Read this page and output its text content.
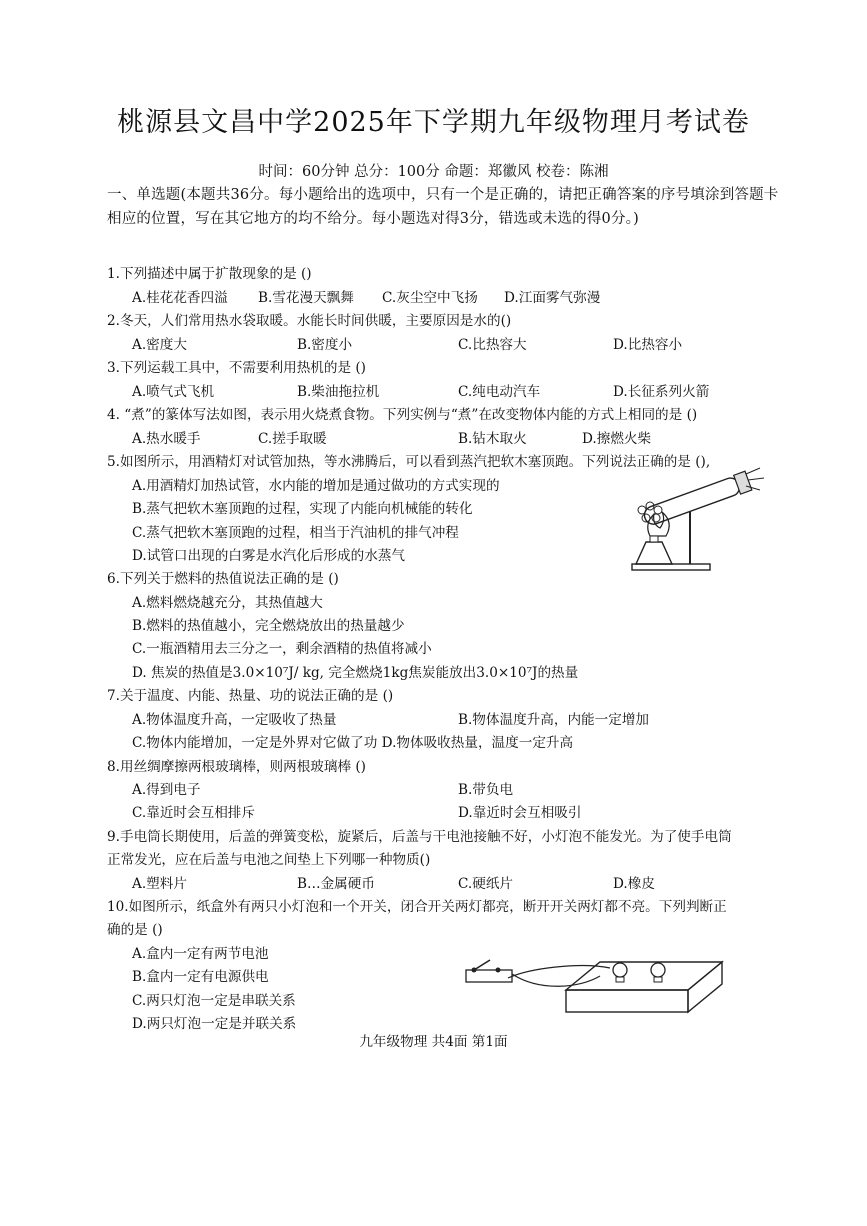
桃源县文昌中学2025年下学期九年级物理月考试卷
时间：60分钟 总分：100分 命题：郑徽风 校卷：陈湘
一、单选题(本题共36分。每小题给出的选项中，只有一个是正确的，请把正确答案的序号填涂到答题卡相应的位置，写在其它地方的均不给分。每小题选对得3分，错选或未选的得0分。)
1.下列描述中属于扩散现象的是 ()
A.桂花花香四溢 B.雪花漫天飘舞 C.灰尘空中飞扬 D.江面雾气弥漫
2.冬天，人们常用热水袋取暖。水能长时间供暖，主要原因是水的()
A.密度大	B.密度小	C.比热容大	D.比热容小
3.下列运载工具中，不需要利用热机的是 ()
A.喷气式飞机	B.柴油拖拉机	C.纯电动汽车	D.长征系列火箭
4. “煮”的篆体写法如图，表示用火烧煮食物。下列实例与“煮”在改变物体内能的方式上相同的是 ()
A.热水暖手	C.搓手取暖	B.钻木取火	D.擦燃火柴
5.如图所示，用酒精灯对试管加热，等水沸腾后，可以看到蒸汽把软木塞顶跑。下列说法正确的是 (),
A.用酒精灯加热试管，水内能的增加是通过做功的方式实现的
B.蒸气把软木塞顶跑的过程，实现了内能向机械能的转化
C.蒸气把软木塞顶跑的过程，相当于汽油机的排气冲程
D.试管口出现的白雾是水汽化后形成的水蒸气
6.下列关于燃料的热值说法正确的是 ()
A.燃料燃烧越充分，其热值越大
B.燃料的热值越小，完全燃烧放出的热量越少
C.一瓶酒精用去三分之一，剩余酒精的热值将减小
D. 焦炭的热值是3.0×10⁷J/ kg, 完全燃烧1kg焦炭能放出3.0×10⁷J的热量
7.关于温度、内能、热量、功的说法正确的是 ()
A.物体温度升高，一定吸收了热量	B.物体温度升高，内能一定增加
C.物体内能增加，一定是外界对它做了功 D.物体吸收热量，温度一定升高
8.用丝绸摩擦两根玻璃棒，则两根玻璃棒 ()
A.得到电子	B.带负电
C.靠近时会互相排斥	D.靠近时会互相吸引
9.手电筒长期使用，后盖的弹簧变松，旋紧后，后盖与干电池接触不好，小灯泡不能发光。为了使手电筒
正常发光，应在后盖与电池之间垫上下列哪一种物质()
A.塑料片	B…金属硬币	C.硬纸片	D.橡皮
10.如图所示，纸盒外有两只小灯泡和一个开关，闭合开关两灯都亮，断开开关两灯都不亮。下列判断正
确的是 ()
A.盒内一定有两节电池
B.盒内一定有电源供电
C.两只灯泡一定是串联关系
D.两只灯泡一定是并联关系
九年级物理 共4面 第1面
